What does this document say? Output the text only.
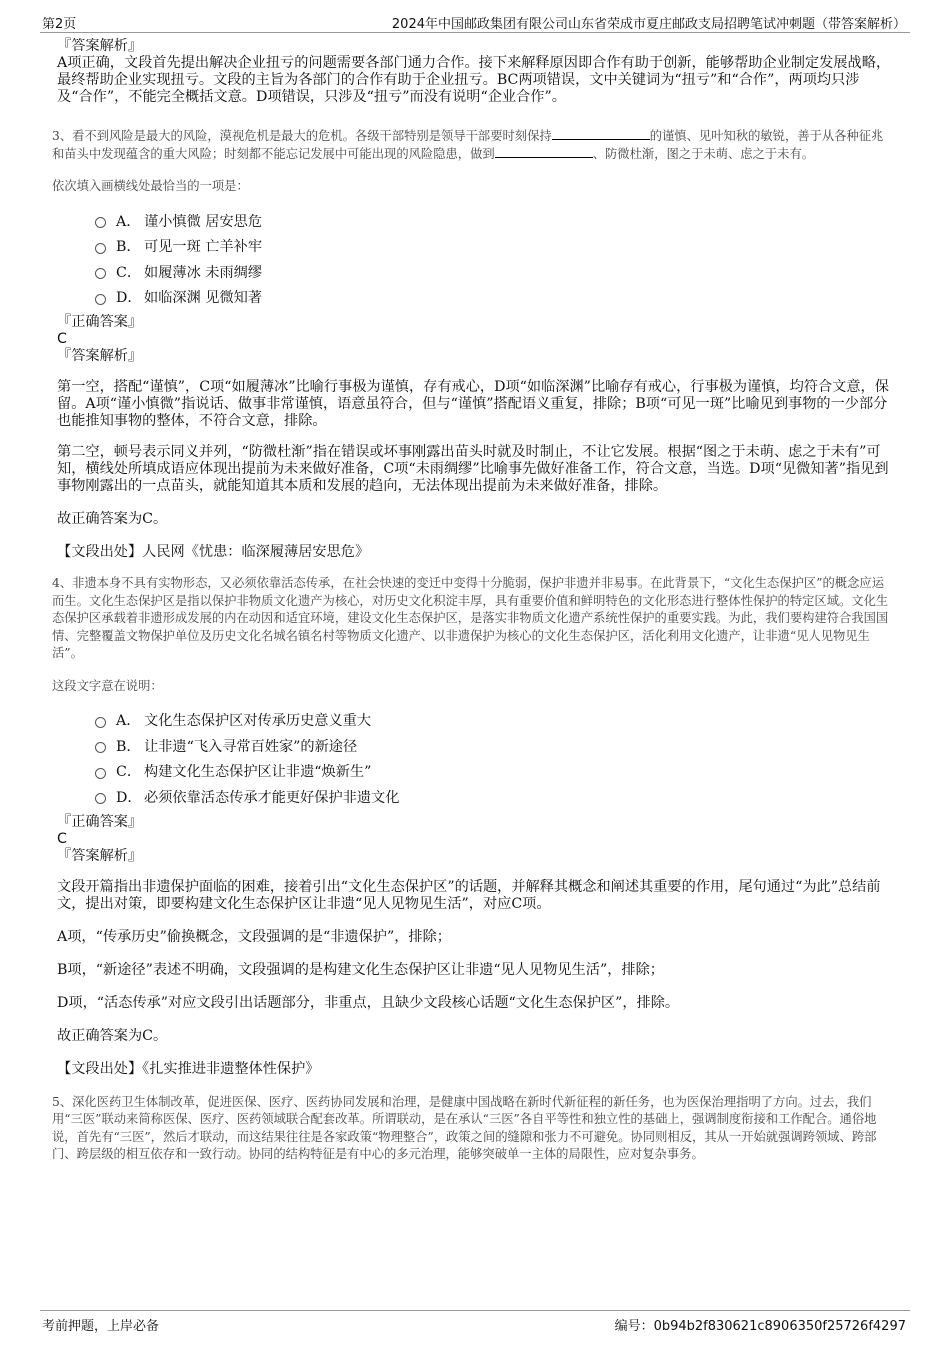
第2页	2024年中国邮政集团有限公司山东省荣成市夏庄邮政支局招聘笔试冲刺题（带答案解析）
『答案解析』
A项正确，文段首先提出解决企业扭亏的问题需要各部门通力合作。接下来解释原因即合作有助于创新，能够帮助企业制定发展战略，最终帮助企业实现扭亏。文段的主旨为各部门的合作有助于企业扭亏。BC两项错误，文中关键词为“扭亏”和“合作”，两项均只涉及“合作”，不能完全概括文意。D项错误，只涉及“扭亏”而没有说明“企业合作”。
3、看不到风险是最大的风险，漠视危机是最大的危机。各级干部特别是领导干部要时刻保持	的谨慎、见叶知秋的敏锐，善于从各种征兆和苗头中发现蕴含的重大风险；时刻都不能忘记发展中可能出现的风险隐患，做到	、防微杜渐，图之于未萌、虑之于未有。
依次填入画横线处最恰当的一项是：
A． 谨小慎微 居安思危
B． 可见一斑 亡羊补牢
C． 如履薄冰 未雨绸缪
D． 如临深渊 见微知著
『正确答案』
C
『答案解析』
第一空，搭配“谨慎”，C项“如履薄冰”比喻行事极为谨慎，存有戒心，D项“如临深渊”比喻存有戒心，行事极为谨慎，均符合文意，保留。A项“谨小慎微”指说话、做事非常谨慎，语意虽符合，但与“谨慎”搭配语义重复，排除；B项“可见一斑”比喻见到事物的一少部分也能推知事物的整体，不符合文意，排除。
第二空，顿号表示同义并列，“防微杜渐”指在错误或坏事刚露出苗头时就及时制止，不让它发展。根据“图之于未萌、虑之于未有”可知，横线处所填成语应体现出提前为未来做好准备，C项“未雨绸缪”比喻事先做好准备工作，符合文意，当选。D项“见微知著”指见到事物刚露出的一点苗头，就能知道其本质和发展的趋向，无法体现出提前为未来做好准备，排除。
故正确答案为C。
【文段出处】人民网《忧患：临深履薄居安思危》
4、非遗本身不具有实物形态，又必须依靠活态传承，在社会快速的变迁中变得十分脆弱，保护非遗并非易事。在此背景下，“文化生态保护区”的概念应运而生。文化生态保护区是指以保护非物质文化遗产为核心，对历史文化积淀丰厚，具有重要价值和鲜明特色的文化形态进行整体性保护的特定区域。文化生态保护区承载着非遗形成发展的内在动因和适宜环境，建设文化生态保护区，是落实非物质文化遗产系统性保护的重要实践。为此，我们要构建符合我国国情、完整覆盖文物保护单位及历史文化名城名镇名村等物质文化遗产、以非遗保护为核心的文化生态保护区，活化利用文化遗产，让非遗“见人见物见生活”。
这段文字意在说明：
A． 文化生态保护区对传承历史意义重大
B． 让非遗“飞入寻常百姓家”的新途径
C． 构建文化生态保护区让非遗“焕新生”
D． 必须依靠活态传承才能更好保护非遗文化
『正确答案』
C
『答案解析』
文段开篇指出非遗保护面临的困难，接着引出“文化生态保护区”的话题，并解释其概念和阐述其重要的作用，尾句通过“为此”总结前文，提出对策，即要构建文化生态保护区让非遗“见人见物见生活”，对应C项。
A项，“传承历史”偷换概念，文段强调的是“非遗保护”，排除；
B项，“新途径”表述不明确，文段强调的是构建文化生态保护区让非遗“见人见物见生活”，排除；
D项，“活态传承”对应文段引出话题部分，非重点，且缺少文段核心话题“文化生态保护区”，排除。
故正确答案为C。
【文段出处】《扎实推进非遗整体性保护》
5、深化医药卫生体制改革，促进医保、医疗、医药协同发展和治理，是健康中国战略在新时代新征程的新任务，也为医保治理指明了方向。过去，我们用“三医”联动来简称医保、医疗、医药领域联合配套改革。所谓联动，是在承认“三医”各自平等性和独立性的基础上，强调制度衔接和工作配合。通俗地说，首先有“三医”，然后才联动，而这结果往往是各家政策“物理整合”，政策之间的缝隙和张力不可避免。协同则相反，其从一开始就强调跨领域、跨部门、跨层级的相互依存和一致行动。协同的结构特征是有中心的多元治理，能够突破单一主体的局限性，应对复杂事务。
考前押题，上岸必备	编号：0b94b2f830621c8906350f25726f4297
